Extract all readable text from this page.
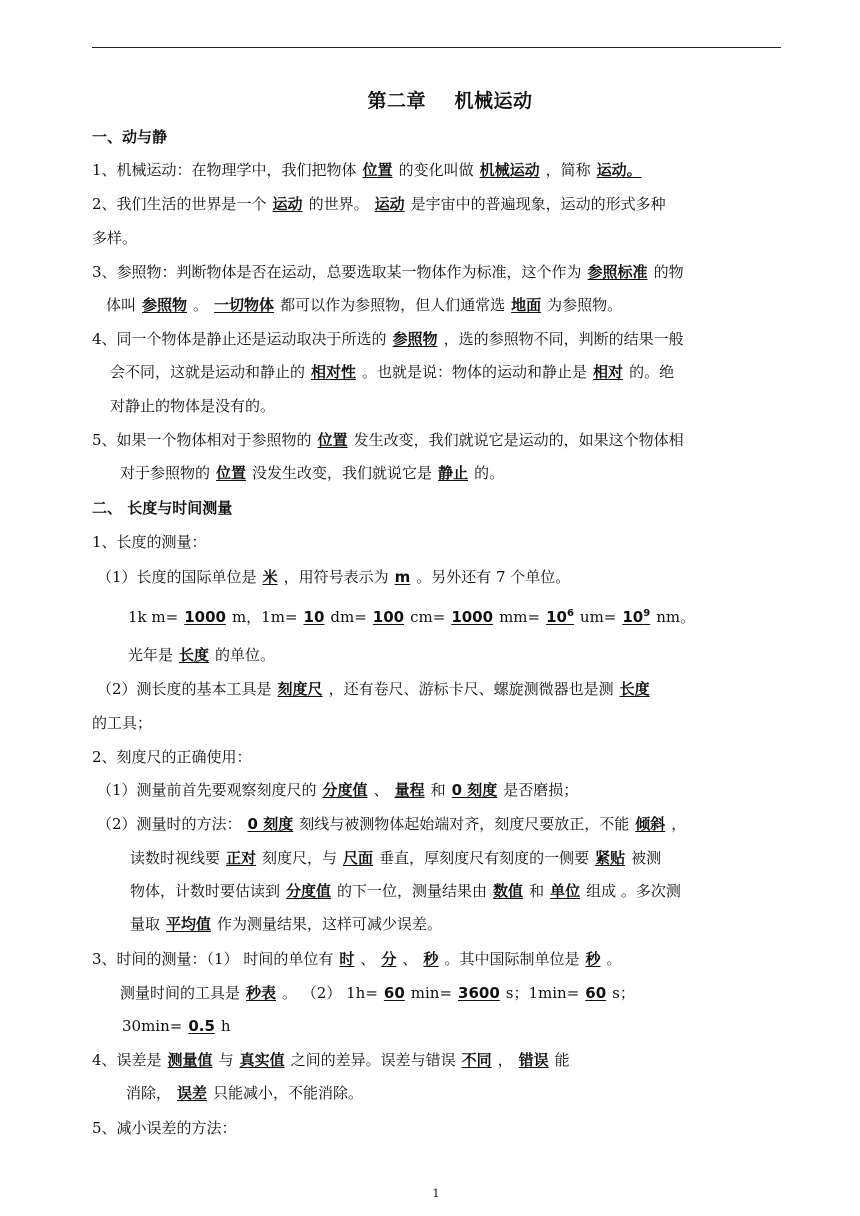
第二章 机械运动
一、动与静
1、机械运动：在物理学中，我们把物体 位置 的变化叫做 机械运动 ，简称 运动。
2、我们生活的世界是一个 运动 的世界。 运动 是宇宙中的普遍现象，运动的形式多种
多样。
3、参照物：判断物体是否在运动，总要选取某一物体作为标准，这个作为 参照标准 的物
体叫 参照物 。 一切物体 都可以作为参照物，但人们通常选 地面 为参照物。
4、同一个物体是静止还是运动取决于所选的 参照物 ，选的参照物不同，判断的结果一般
会不同，这就是运动和静止的 相对性 。也就是说：物体的运动和静止是 相对 的。绝
对静止的物体是没有的。
5、如果一个物体相对于参照物的 位置 发生改变，我们就说它是运动的，如果这个物体相
对于参照物的 位置 没发生改变，我们就说它是 静止 的。
二、 长度与时间测量
1、长度的测量：
（1）长度的国际单位是 米 ，用符号表示为 m 。另外还有 7 个单位。
1k m= 1000 m，1m= 10 dm= 100 cm= 1000 $mm= 10^6$ $um= 10^9$ nm。
光年是 长度 的单位。
（2）测长度的基本工具是 刻度尺 ，还有卷尺、游标卡尺、螺旋测微器也是测 长度
的工具；
2、刻度尺的正确使用：
（1）测量前首先要观察刻度尺的 分度值 、 量程 和 0 刻度 是否磨损；
（2）测量时的方法： 0 刻度 刻线与被测物体起始端对齐，刻度尺要放正，不能 倾斜 ，
读数时视线要 正对 刻度尺，与 尺面 垂直，厚刻度尺有刻度的一侧要 紧贴 被测
物体，计数时要估读到 分度值 的下一位，测量结果由 数值 和 单位 组成 。多次测
量取 平均值 作为测量结果，这样可减少误差。
3、时间的测量：（1） 时间的单位有 时 、 分 、 秒 。其中国际制单位是 秒 。
测量时间的工具是 秒表 。 （2） 1h= 60 min= 3600 s；1min= 60 s；
30min= 0.5 h
4、误差是 测量值 与 真实值 之间的差异。误差与错误 不同 ， 错误 能
消除， 误差 只能减小，不能消除。
5、减小误差的方法：
1
